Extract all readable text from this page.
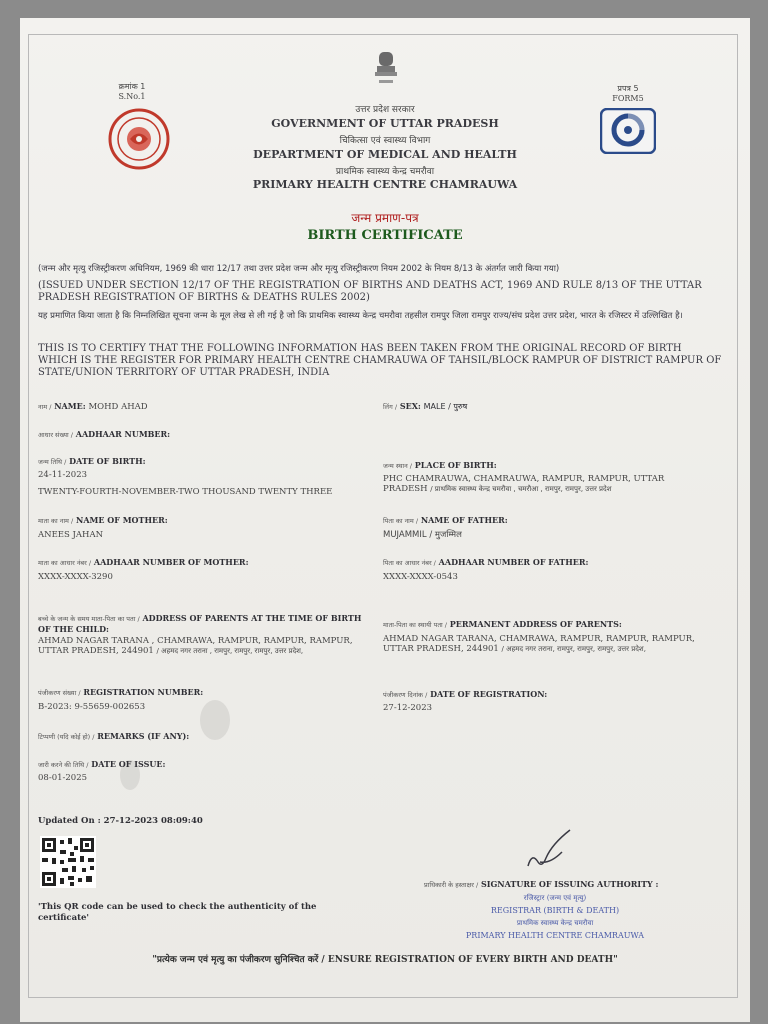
क्रमांक 1
S.No.1
प्रपत्र 5
FORM5
उत्तर प्रदेश सरकार
GOVERNMENT OF UTTAR PRADESH
चिकित्सा एवं स्वास्थ्य विभाग
DEPARTMENT OF MEDICAL AND HEALTH
प्राथमिक स्वास्थ्य केन्द्र चमरौवा
PRIMARY HEALTH CENTRE CHAMRAUWA
जन्म प्रमाण-पत्र
BIRTH CERTIFICATE
(जन्म और मृत्यु रजिस्ट्रीकरण अधिनियम, 1969 की धारा 12/17 तथा उत्तर प्रदेश जन्म और मृत्यु रजिस्ट्रीकरण नियम 2002 के नियम 8/13 के अंतर्गत जारी किया गया)
(ISSUED UNDER SECTION 12/17 OF THE REGISTRATION OF BIRTHS AND DEATHS ACT, 1969 AND RULE 8/13 OF THE UTTAR PRADESH REGISTRATION OF BIRTHS & DEATHS RULES 2002)
यह प्रमाणित किया जाता है कि निम्नलिखित सूचना जन्म के मूल लेख से ली गई है जो कि प्राथमिक स्वास्थ्य केन्द्र चमरौवा तहसील रामपुर जिला रामपुर राज्य/संघ प्रदेश उत्तर प्रदेश, भारत के रजिस्टर में उल्लिखित है।
THIS IS TO CERTIFY THAT THE FOLLOWING INFORMATION HAS BEEN TAKEN FROM THE ORIGINAL RECORD OF BIRTH WHICH IS THE REGISTER FOR PRIMARY HEALTH CENTRE CHAMRAUWA OF TAHSIL/BLOCK RAMPUR OF DISTRICT RAMPUR OF STATE/UNION TERRITORY OF UTTAR PRADESH, INDIA
नाम / NAME: MOHD AHAD	लिंग / SEX: MALE / पुरुष
आधार संख्या / AADHAAR NUMBER:
जन्म तिथि / DATE OF BIRTH:
24-11-2023
TWENTY-FOURTH-NOVEMBER-TWO THOUSAND TWENTY THREE
जन्म स्थान / PLACE OF BIRTH:
PHC CHAMRAUWA, CHAMRAUWA, RAMPUR, RAMPUR, UTTAR PRADESH / प्राथमिक स्वास्थ्य केन्द्र चमरौवा , चमरौआ , रामपुर, रामपुर, उत्तर प्रदेश
माता का नाम / NAME OF MOTHER:
ANEES JAHAN
पिता का नाम / NAME OF FATHER:
MUJAMMIL / मुजम्मिल
माता का आधार नंबर / AADHAAR NUMBER OF MOTHER:
XXXX-XXXX-3290
पिता का आधार नंबर / AADHAAR NUMBER OF FATHER:
XXXX-XXXX-0543
बच्चे के जन्म के समय माता-पिता का पता / ADDRESS OF PARENTS AT THE TIME OF BIRTH OF THE CHILD:
AHMAD NAGAR TARANA , CHAMRAWA, RAMPUR, RAMPUR, RAMPUR, UTTAR PRADESH, 244901 / अहमद नगर तराना , रामपुर, रामपुर, रामपुर, उत्तर प्रदेश,
माता-पिता का स्थायी पता / PERMANENT ADDRESS OF PARENTS:
AHMAD NAGAR TARANA, CHAMRAWA, RAMPUR, RAMPUR, RAMPUR, UTTAR PRADESH, 244901 / अहमद नगर तराना, रामपुर, रामपुर, रामपुर, उत्तर प्रदेश,
पंजीकरण संख्या / REGISTRATION NUMBER:
B-2023: 9-55659-002653
पंजीकरण दिनांक / DATE OF REGISTRATION:
27-12-2023
टिप्पणी (यदि कोई हो) / REMARKS (IF ANY):
जारी करने की तिथि / DATE OF ISSUE:
08-01-2025
Updated On : 27-12-2023 08:09:40
'This QR code can be used to check the authenticity of the certificate'
प्राधिकारी के हस्ताक्षर / SIGNATURE OF ISSUING AUTHORITY :
रजिस्ट्रार (जन्म एवं मृत्यु)
REGISTRAR (BIRTH & DEATH)
प्राथमिक स्वास्थ्य केन्द्र चमरौवा
PRIMARY HEALTH CENTRE CHAMRAUWA
"प्रत्येक जन्म एवं मृत्यु का पंजीकरण सुनिश्चित करें / ENSURE REGISTRATION OF EVERY BIRTH AND DEATH"
